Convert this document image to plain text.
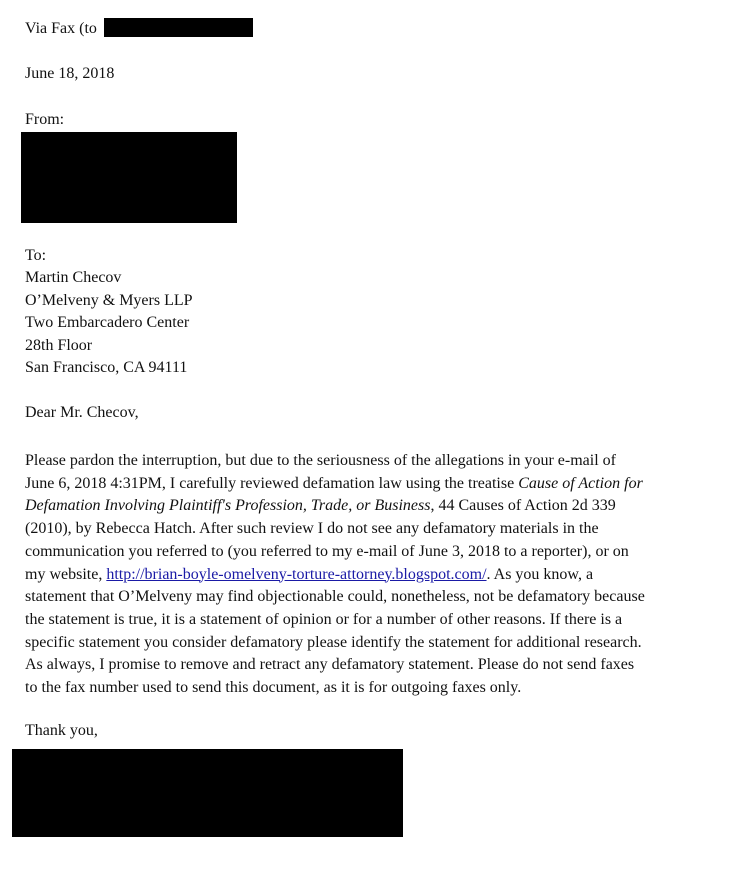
Via Fax (to
June 18, 2018
From:
To:
Martin Checov
O’Melveny & Myers LLP
Two Embarcadero Center
28th Floor
San Francisco, CA 94111
Dear Mr. Checov,
Please pardon the interruption, but due to the seriousness of the allegations in your e-mail of
June 6, 2018 4:31PM, I carefully reviewed defamation law using the treatise Cause of Action for
Defamation Involving Plaintiff's Profession, Trade, or Business, 44 Causes of Action 2d 339
(2010), by Rebecca Hatch. After such review I do not see any defamatory materials in the
communication you referred to (you referred to my e-mail of June 3, 2018 to a reporter), or on
my website, http://brian-boyle-omelveny-torture-attorney.blogspot.com/. As you know, a
statement that O’Melveny may find objectionable could, nonetheless, not be defamatory because
the statement is true, it is a statement of opinion or for a number of other reasons. If there is a
specific statement you consider defamatory please identify the statement for additional research.
As always, I promise to remove and retract any defamatory statement. Please do not send faxes
to the fax number used to send this document, as it is for outgoing faxes only.
Thank you,
